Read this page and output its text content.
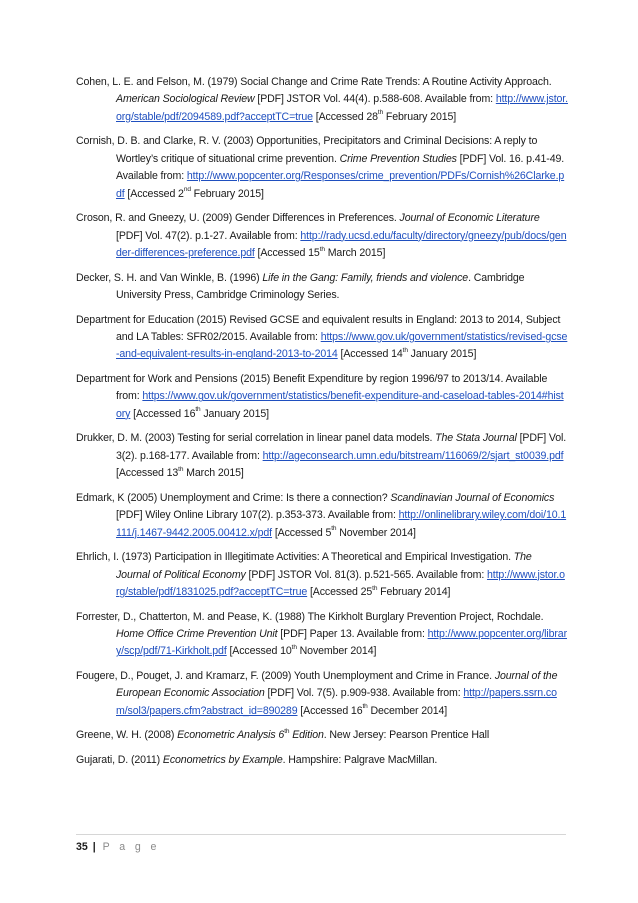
Cohen, L. E. and Felson, M. (1979) Social Change and Crime Rate Trends: A Routine Activity Approach. American Sociological Review [PDF] JSTOR Vol. 44(4). p.588-608. Available from: http://www.jstor.org/stable/pdf/2094589.pdf?acceptTC=true [Accessed 28th February 2015]

Cornish, D. B. and Clarke, R. V. (2003) Opportunities, Precipitators and Criminal Decisions: A reply to Wortley’s critique of situational crime prevention. Crime Prevention Studies [PDF] Vol. 16. p.41-49. Available from: http://www.popcenter.org/Responses/crime_prevention/PDFs/Cornish%26Clarke.pdf [Accessed 2nd February 2015]

Croson, R. and Gneezy, U. (2009) Gender Differences in Preferences. Journal of Economic Literature [PDF] Vol. 47(2). p.1-27. Available from: http://rady.ucsd.edu/faculty/directory/gneezy/pub/docs/gender-differences-preference.pdf [Accessed 15th March 2015]

Decker, S. H. and Van Winkle, B. (1996) Life in the Gang: Family, friends and violence. Cambridge University Press, Cambridge Criminology Series.

Department for Education (2015) Revised GCSE and equivalent results in England: 2013 to 2014, Subject and LA Tables: SFR02/2015. Available from: https://www.gov.uk/government/statistics/revised-gcse-and-equivalent-results-in-england-2013-to-2014 [Accessed 14th January 2015]

Department for Work and Pensions (2015) Benefit Expenditure by region 1996/97 to 2013/14. Available from: https://www.gov.uk/government/statistics/benefit-expenditure-and-caseload-tables-2014#history [Accessed 16th January 2015]

Drukker, D. M. (2003) Testing for serial correlation in linear panel data models. The Stata Journal [PDF] Vol. 3(2). p.168-177. Available from: http://ageconsearch.umn.edu/bitstream/116069/2/sjart_st0039.pdf [Accessed 13th March 2015]

Edmark, K (2005) Unemployment and Crime: Is there a connection? Scandinavian Journal of Economics [PDF] Wiley Online Library 107(2). p.353-373. Available from: http://onlinelibrary.wiley.com/doi/10.1111/j.1467-9442.2005.00412.x/pdf [Accessed 5th November 2014]

Ehrlich, I. (1973) Participation in Illegitimate Activities: A Theoretical and Empirical Investigation. The Journal of Political Economy [PDF] JSTOR Vol. 81(3). p.521-565. Available from: http://www.jstor.org/stable/pdf/1831025.pdf?acceptTC=true [Accessed 25th February 2014]

Forrester, D., Chatterton, M. and Pease, K. (1988) The Kirkholt Burglary Prevention Project, Rochdale. Home Office Crime Prevention Unit [PDF] Paper 13. Available from: http://www.popcenter.org/library/scp/pdf/71-Kirkholt.pdf [Accessed 10th November 2014]

Fougere, D., Pouget, J. and Kramarz, F. (2009) Youth Unemployment and Crime in France. Journal of the European Economic Association [PDF] Vol. 7(5). p.909-938. Available from: http://papers.ssrn.com/sol3/papers.cfm?abstract_id=890289 [Accessed 16th December 2014]

Greene, W. H. (2008) Econometric Analysis 6th Edition. New Jersey: Pearson Prentice Hall

Gujarati, D. (2011) Econometrics by Example. Hampshire: Palgrave MacMillan.

35 | P a g e
